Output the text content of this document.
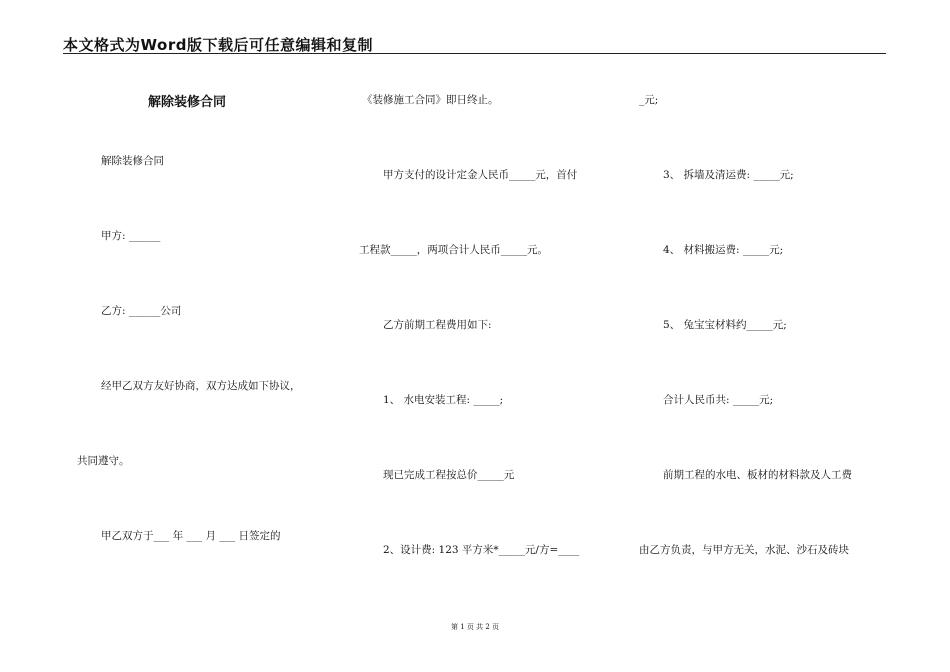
本文格式为Word版下载后可任意编辑和复制
解除装修合同
解除装修合同
甲方: ______
乙方: ______公司
经甲乙双方友好协商，双方达成如下协议，
共同遵守。
甲乙双方于___ 年 ___ 月 ___ 日签定的
《装修施工合同》即日终止。
甲方支付的设计定金人民币_____元，首付
工程款_____，两项合计人民币_____元。
乙方前期工程费用如下:
1、 水电安装工程: _____;
现已完成工程按总价_____元
2、设计费: 123 平方米*_____元/方=____
_元;
3、 拆墙及清运费: _____元;
4、 材料搬运费: _____元;
5、 兔宝宝材料约_____元;
合计人民币共: _____元;
前期工程的水电、板材的材料款及人工费
由乙方负责，与甲方无关，水泥、沙石及砖块
第 1 页 共 2 页
